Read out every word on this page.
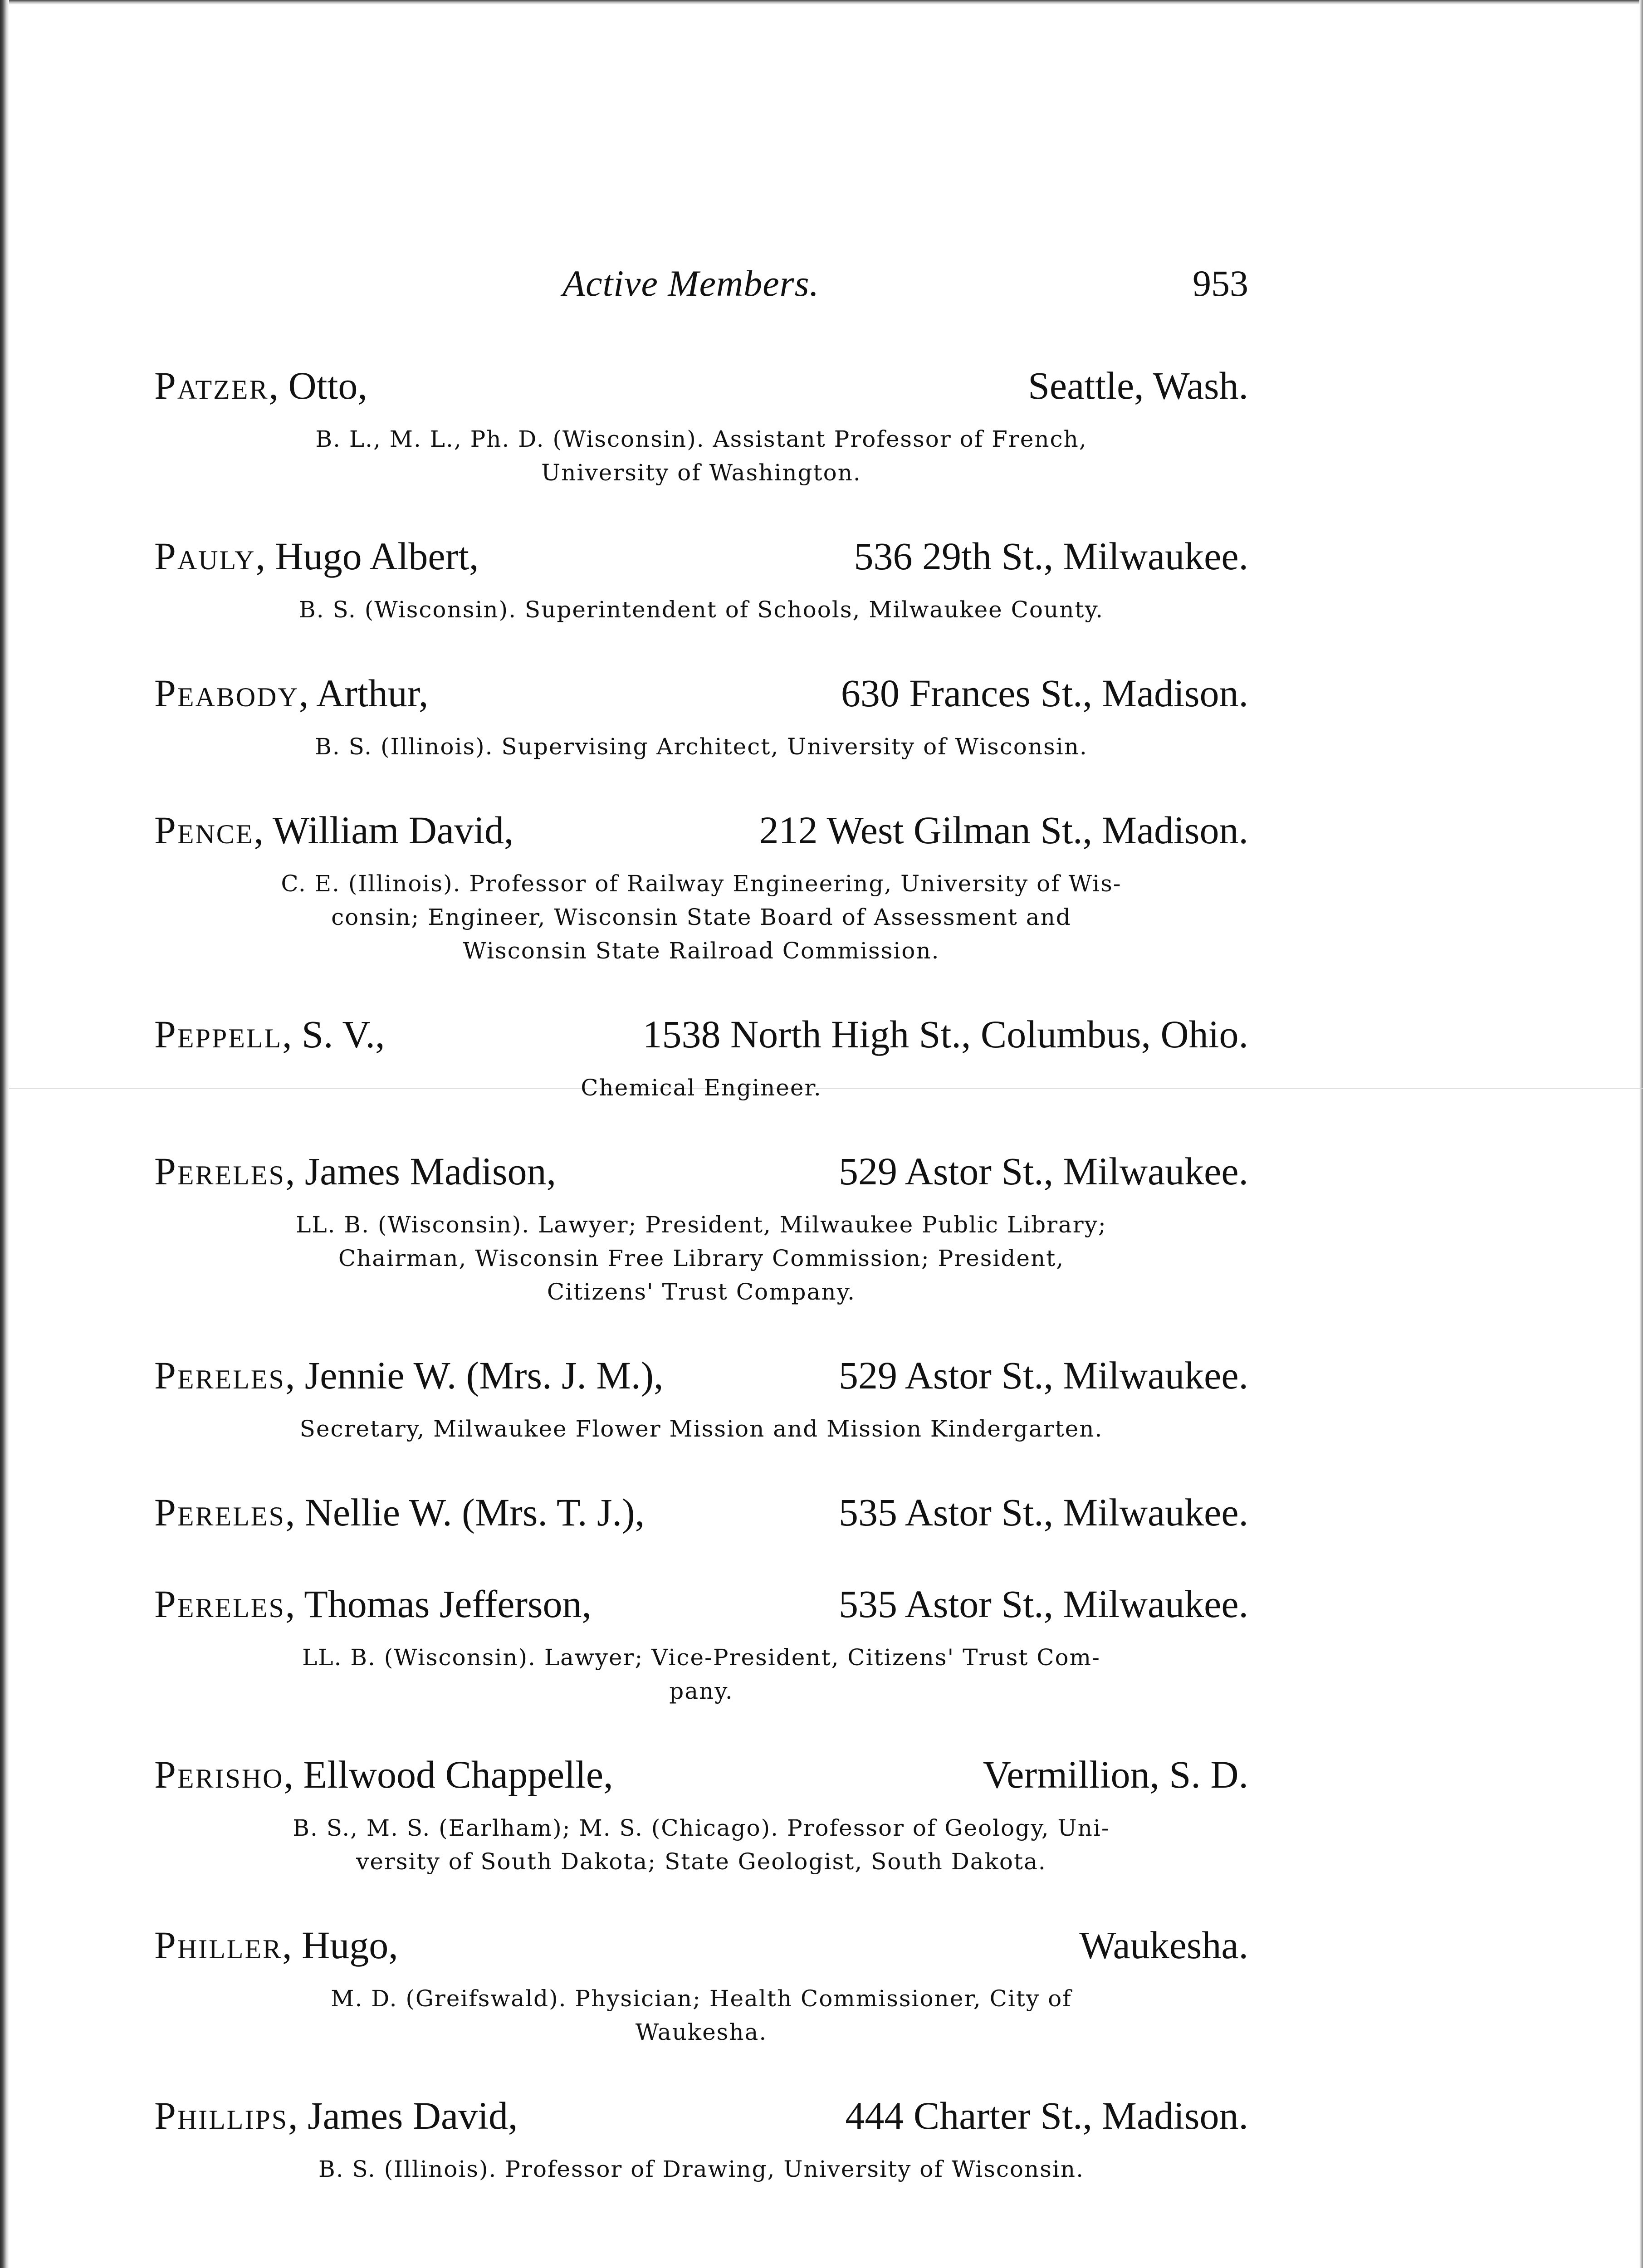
Active Members.	953
Patzer, Otto,	Seattle, Wash.
B. L., M. L., Ph. D. (Wisconsin). Assistant Professor of French,
University of Washington.
Pauly, Hugo Albert,	536 29th St., Milwaukee.
B. S. (Wisconsin). Superintendent of Schools, Milwaukee County.
Peabody, Arthur,	630 Frances St., Madison.
B. S. (Illinois). Supervising Architect, University of Wisconsin.
Pence, William David,	212 West Gilman St., Madison.
C. E. (Illinois). Professor of Railway Engineering, University of Wis-
consin; Engineer, Wisconsin State Board of Assessment and
Wisconsin State Railroad Commission.
Peppell, S. V.,	1538 North High St., Columbus, Ohio.
Chemical Engineer.
Pereles, James Madison,	529 Astor St., Milwaukee.
LL. B. (Wisconsin). Lawyer; President, Milwaukee Public Library;
Chairman, Wisconsin Free Library Commission; President,
Citizens' Trust Company.
Pereles, Jennie W. (Mrs. J. M.),	529 Astor St., Milwaukee.
Secretary, Milwaukee Flower Mission and Mission Kindergarten.
Pereles, Nellie W. (Mrs. T. J.),	535 Astor St., Milwaukee.
Pereles, Thomas Jefferson,	535 Astor St., Milwaukee.
LL. B. (Wisconsin). Lawyer; Vice-President, Citizens' Trust Com-
pany.
Perisho, Ellwood Chappelle,	Vermillion, S. D.
B. S., M. S. (Earlham); M. S. (Chicago). Professor of Geology, Uni-
versity of South Dakota; State Geologist, South Dakota.
Philler, Hugo,	Waukesha.
M. D. (Greifswald). Physician; Health Commissioner, City of
Waukesha.
Phillips, James David,	444 Charter St., Madison.
B. S. (Illinois). Professor of Drawing, University of Wisconsin.
